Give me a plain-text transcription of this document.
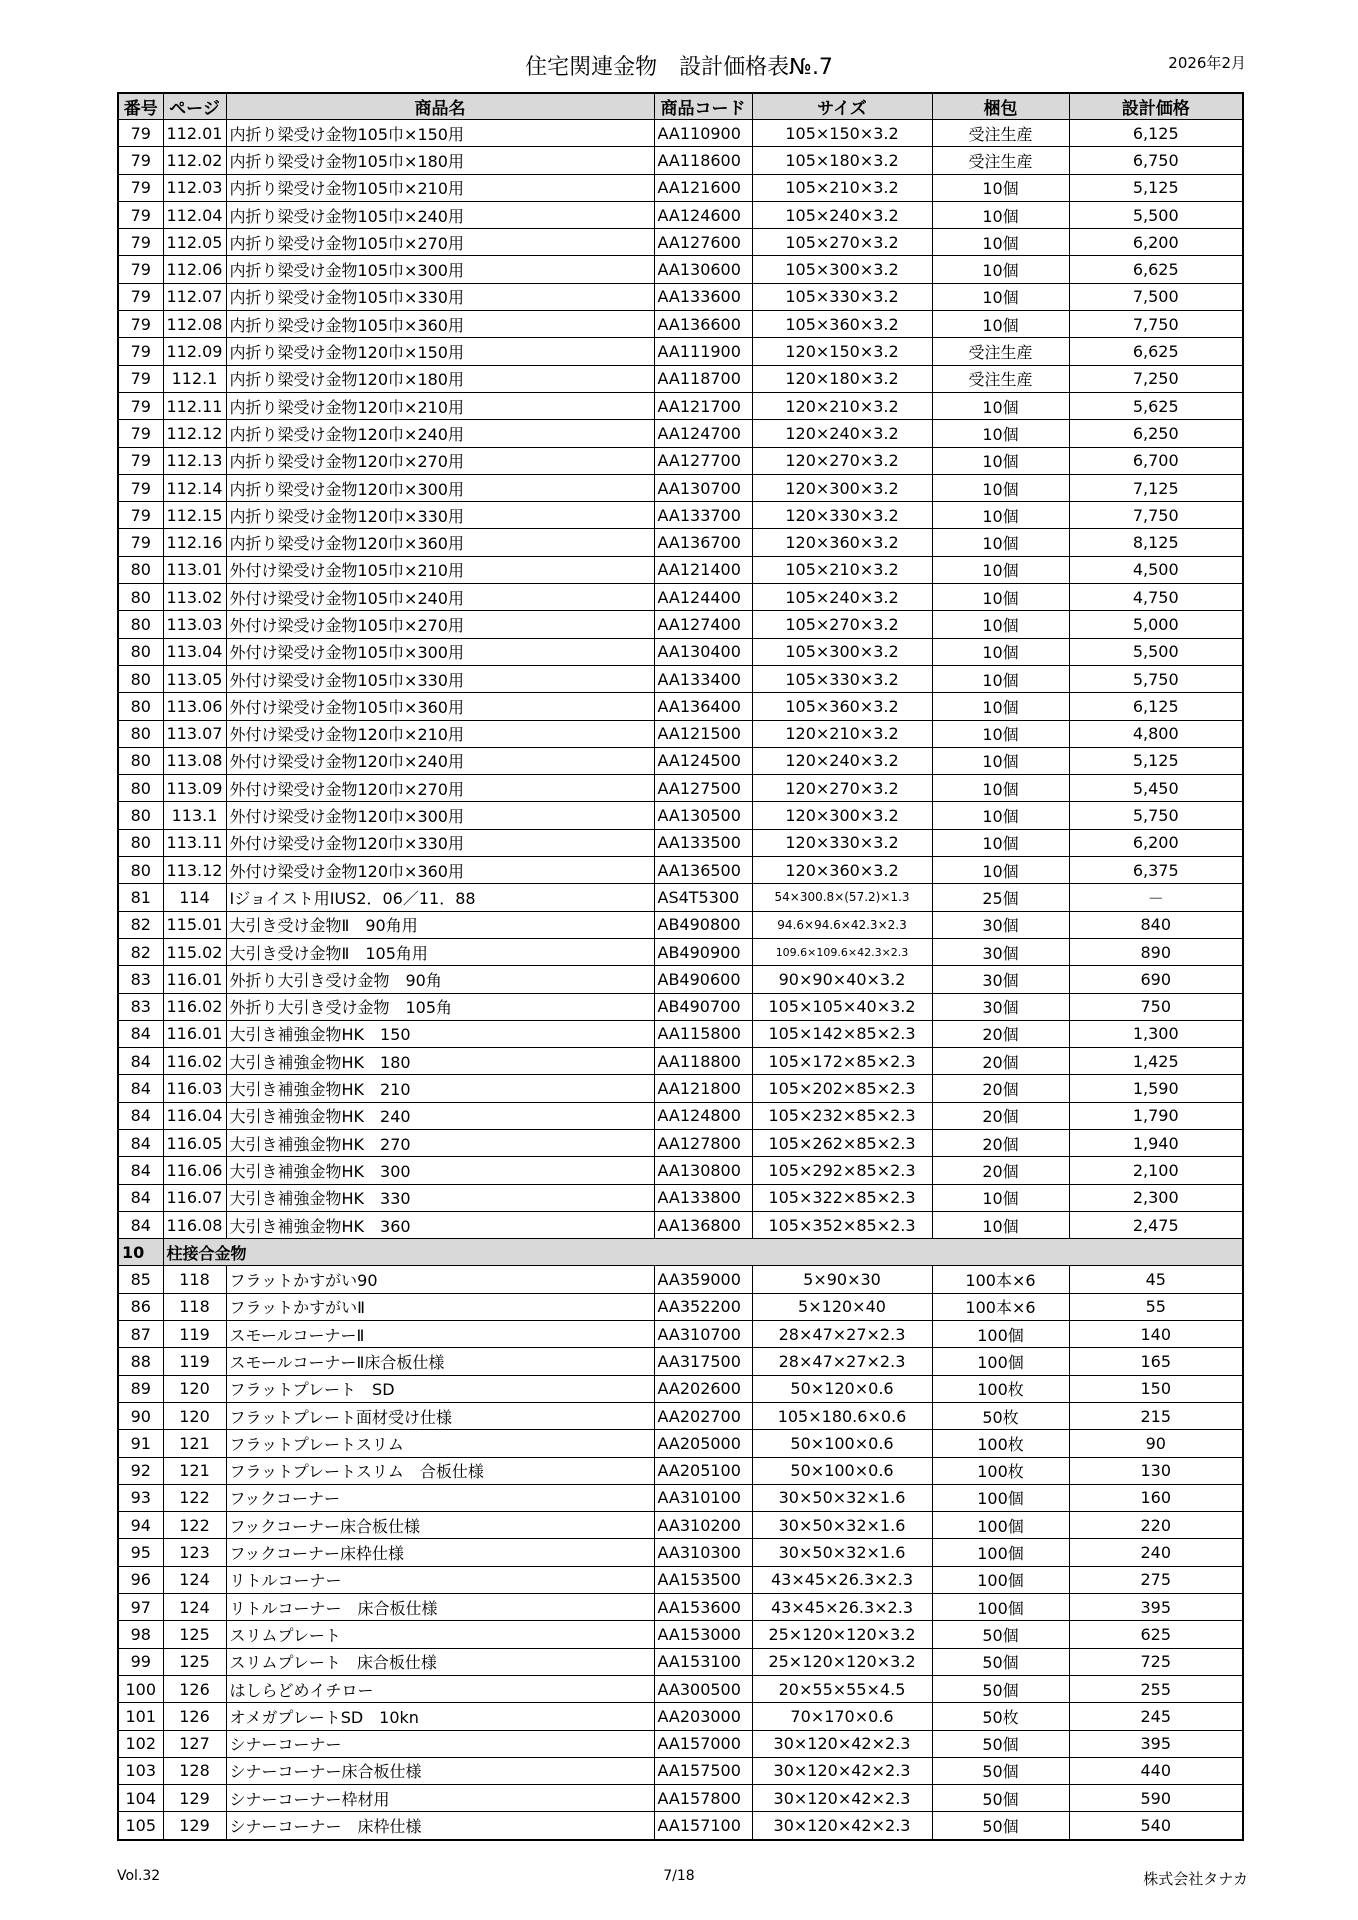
住宅関連金物　設計価格表№.7	2026年2月
番号	ページ	商品名	商品コード	サイズ	梱包	設計価格
79	112.01	内折り梁受け金物105巾×150用	AA110900	105×150×3.2	受注生産	6,125
79	112.02	内折り梁受け金物105巾×180用	AA118600	105×180×3.2	受注生産	6,750
79	112.03	内折り梁受け金物105巾×210用	AA121600	105×210×3.2	10個	5,125
79	112.04	内折り梁受け金物105巾×240用	AA124600	105×240×3.2	10個	5,500
79	112.05	内折り梁受け金物105巾×270用	AA127600	105×270×3.2	10個	6,200
79	112.06	内折り梁受け金物105巾×300用	AA130600	105×300×3.2	10個	6,625
79	112.07	内折り梁受け金物105巾×330用	AA133600	105×330×3.2	10個	7,500
79	112.08	内折り梁受け金物105巾×360用	AA136600	105×360×3.2	10個	7,750
79	112.09	内折り梁受け金物120巾×150用	AA111900	120×150×3.2	受注生産	6,625
79	112.1	内折り梁受け金物120巾×180用	AA118700	120×180×3.2	受注生産	7,250
79	112.11	内折り梁受け金物120巾×210用	AA121700	120×210×3.2	10個	5,625
79	112.12	内折り梁受け金物120巾×240用	AA124700	120×240×3.2	10個	6,250
79	112.13	内折り梁受け金物120巾×270用	AA127700	120×270×3.2	10個	6,700
79	112.14	内折り梁受け金物120巾×300用	AA130700	120×300×3.2	10個	7,125
79	112.15	内折り梁受け金物120巾×330用	AA133700	120×330×3.2	10個	7,750
79	112.16	内折り梁受け金物120巾×360用	AA136700	120×360×3.2	10個	8,125
80	113.01	外付け梁受け金物105巾×210用	AA121400	105×210×3.2	10個	4,500
80	113.02	外付け梁受け金物105巾×240用	AA124400	105×240×3.2	10個	4,750
80	113.03	外付け梁受け金物105巾×270用	AA127400	105×270×3.2	10個	5,000
80	113.04	外付け梁受け金物105巾×300用	AA130400	105×300×3.2	10個	5,500
80	113.05	外付け梁受け金物105巾×330用	AA133400	105×330×3.2	10個	5,750
80	113.06	外付け梁受け金物105巾×360用	AA136400	105×360×3.2	10個	6,125
80	113.07	外付け梁受け金物120巾×210用	AA121500	120×210×3.2	10個	4,800
80	113.08	外付け梁受け金物120巾×240用	AA124500	120×240×3.2	10個	5,125
80	113.09	外付け梁受け金物120巾×270用	AA127500	120×270×3.2	10個	5,450
80	113.1	外付け梁受け金物120巾×300用	AA130500	120×300×3.2	10個	5,750
80	113.11	外付け梁受け金物120巾×330用	AA133500	120×330×3.2	10個	6,200
80	113.12	外付け梁受け金物120巾×360用	AA136500	120×360×3.2	10個	6,375
81	114	Iジョイスト用IUS2．06／11．88	AS4T5300	54×300.8×(57.2)×1.3	25個	－
82	115.01	大引き受け金物Ⅱ　90角用	AB490800	94.6×94.6×42.3×2.3	30個	840
82	115.02	大引き受け金物Ⅱ　105角用	AB490900	109.6×109.6×42.3×2.3	30個	890
83	116.01	外折り大引き受け金物　90角	AB490600	90×90×40×3.2	30個	690
83	116.02	外折り大引き受け金物　105角	AB490700	105×105×40×3.2	30個	750
84	116.01	大引き補強金物HK　150	AA115800	105×142×85×2.3	20個	1,300
84	116.02	大引き補強金物HK　180	AA118800	105×172×85×2.3	20個	1,425
84	116.03	大引き補強金物HK　210	AA121800	105×202×85×2.3	20個	1,590
84	116.04	大引き補強金物HK　240	AA124800	105×232×85×2.3	20個	1,790
84	116.05	大引き補強金物HK　270	AA127800	105×262×85×2.3	20個	1,940
84	116.06	大引き補強金物HK　300	AA130800	105×292×85×2.3	20個	2,100
84	116.07	大引き補強金物HK　330	AA133800	105×322×85×2.3	10個	2,300
84	116.08	大引き補強金物HK　360	AA136800	105×352×85×2.3	10個	2,475
10	柱接合金物					
85	118	フラットかすがい90	AA359000	5×90×30	100本×6	45
86	118	フラットかすがいⅡ	AA352200	5×120×40	100本×6	55
87	119	スモールコーナーⅡ	AA310700	28×47×27×2.3	100個	140
88	119	スモールコーナーⅡ床合板仕様	AA317500	28×47×27×2.3	100個	165
89	120	フラットプレート　SD	AA202600	50×120×0.6	100枚	150
90	120	フラットプレート面材受け仕様	AA202700	105×180.6×0.6	50枚	215
91	121	フラットプレートスリム	AA205000	50×100×0.6	100枚	90
92	121	フラットプレートスリム　合板仕様	AA205100	50×100×0.6	100枚	130
93	122	フックコーナー	AA310100	30×50×32×1.6	100個	160
94	122	フックコーナー床合板仕様	AA310200	30×50×32×1.6	100個	220
95	123	フックコーナー床枠仕様	AA310300	30×50×32×1.6	100個	240
96	124	リトルコーナー	AA153500	43×45×26.3×2.3	100個	275
97	124	リトルコーナー　床合板仕様	AA153600	43×45×26.3×2.3	100個	395
98	125	スリムプレート	AA153000	25×120×120×3.2	50個	625
99	125	スリムプレート　床合板仕様	AA153100	25×120×120×3.2	50個	725
100	126	はしらどめイチロー	AA300500	20×55×55×4.5	50個	255
101	126	オメガプレートSD　10kn	AA203000	70×170×0.6	50枚	245
102	127	シナーコーナー	AA157000	30×120×42×2.3	50個	395
103	128	シナーコーナー床合板仕様	AA157500	30×120×42×2.3	50個	440
104	129	シナーコーナー枠材用	AA157800	30×120×42×2.3	50個	590
105	129	シナーコーナー　床枠仕様	AA157100	30×120×42×2.3	50個	540
Vol.32	7/18	株式会社タナカ
